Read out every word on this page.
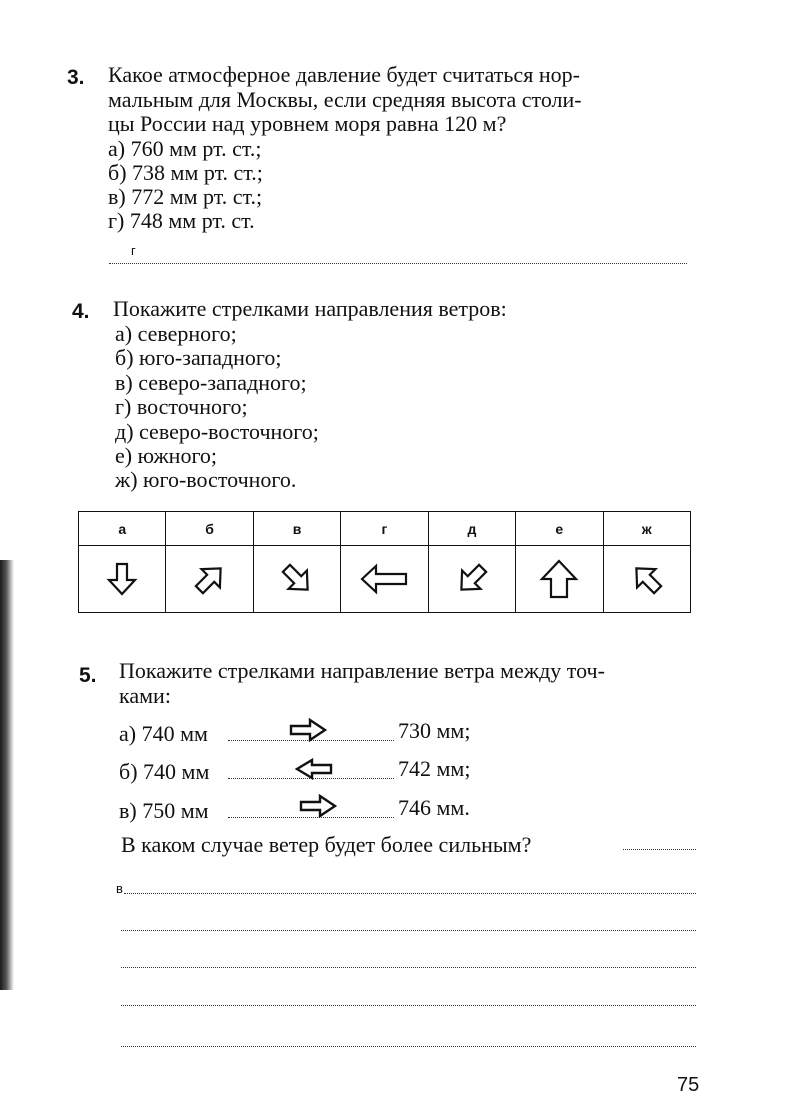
3. Какое атмосферное давление будет считаться нор-
мальным для Москвы, если средняя высота столи-
цы России над уровнем моря равна 120 м?
а) 760 мм рт. ст.;
б) 738 мм рт. ст.;
в) 772 мм рт. ст.;
г) 748 мм рт. ст.
г
4. Покажите стрелками направления ветров:
а) северного;
б) юго-западного;
в) северо-западного;
г) восточного;
д) северо-восточного;
е) южного;
ж) юго-восточного.
а	б	в	г	д	е	ж

5. Покажите стрелками направление ветра между точ-
ками:
а) 740 мм	730 мм;
б) 740 мм	742 мм;
в) 750 мм	746 мм.
В каком случае ветер будет более сильным?
в
75
